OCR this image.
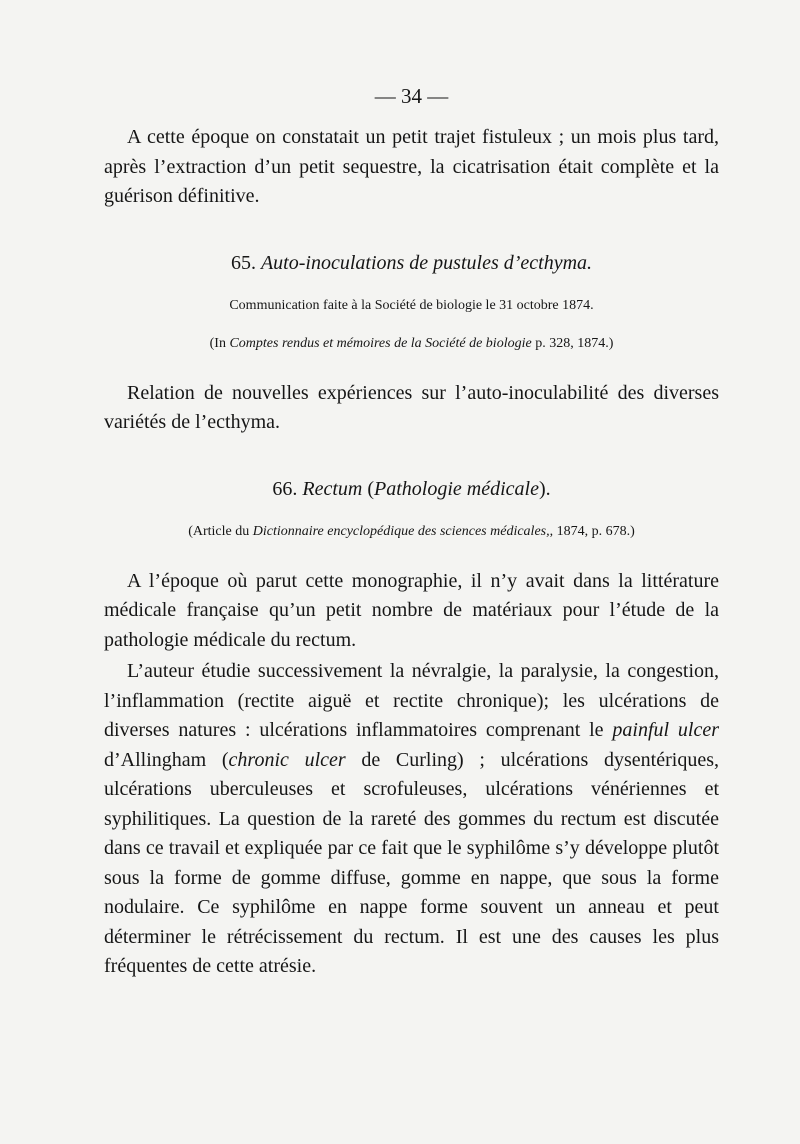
— 34 —

A cette époque on constatait un petit trajet fistuleux ; un mois plus tard, après l’extraction d’un petit sequestre, la cicatrisation était complète et la guérison définitive.

65. Auto-inoculations de pustules d’ecthyma.

Communication faite à la Société de biologie le 31 octobre 1874.

(In Comptes rendus et mémoires de la Société de biologie p. 328, 1874.)

Relation de nouvelles expériences sur l’auto-inoculabilité des diverses variétés de l’ecthyma.

66. Rectum (Pathologie médicale).

(Article du Dictionnaire encyclopédique des sciences médicales,, 1874, p. 678.)

A l’époque où parut cette monographie, il n’y avait dans la littérature médicale française qu’un petit nombre de matériaux pour l’étude de la pathologie médicale du rectum.

L’auteur étudie successivement la névralgie, la paralysie, la congestion, l’inflammation (rectite aiguë et rectite chronique); les ulcérations de diverses natures : ulcérations inflammatoires comprenant le painful ulcer d’Allingham (chronic ulcer de Curling) ; ulcérations dysentériques, ulcérations uberculeuses et scrofuleuses, ulcérations vénériennes et syphilitiques. La question de la rareté des gommes du rectum est discutée dans ce travail et expliquée par ce fait que le syphilôme s’y développe plutôt sous la forme de gomme diffuse, gomme en nappe, que sous la forme nodulaire. Ce syphilôme en nappe forme souvent un anneau et peut déterminer le rétrécissement du rectum. Il est une des causes les plus fréquentes de cette atrésie.
